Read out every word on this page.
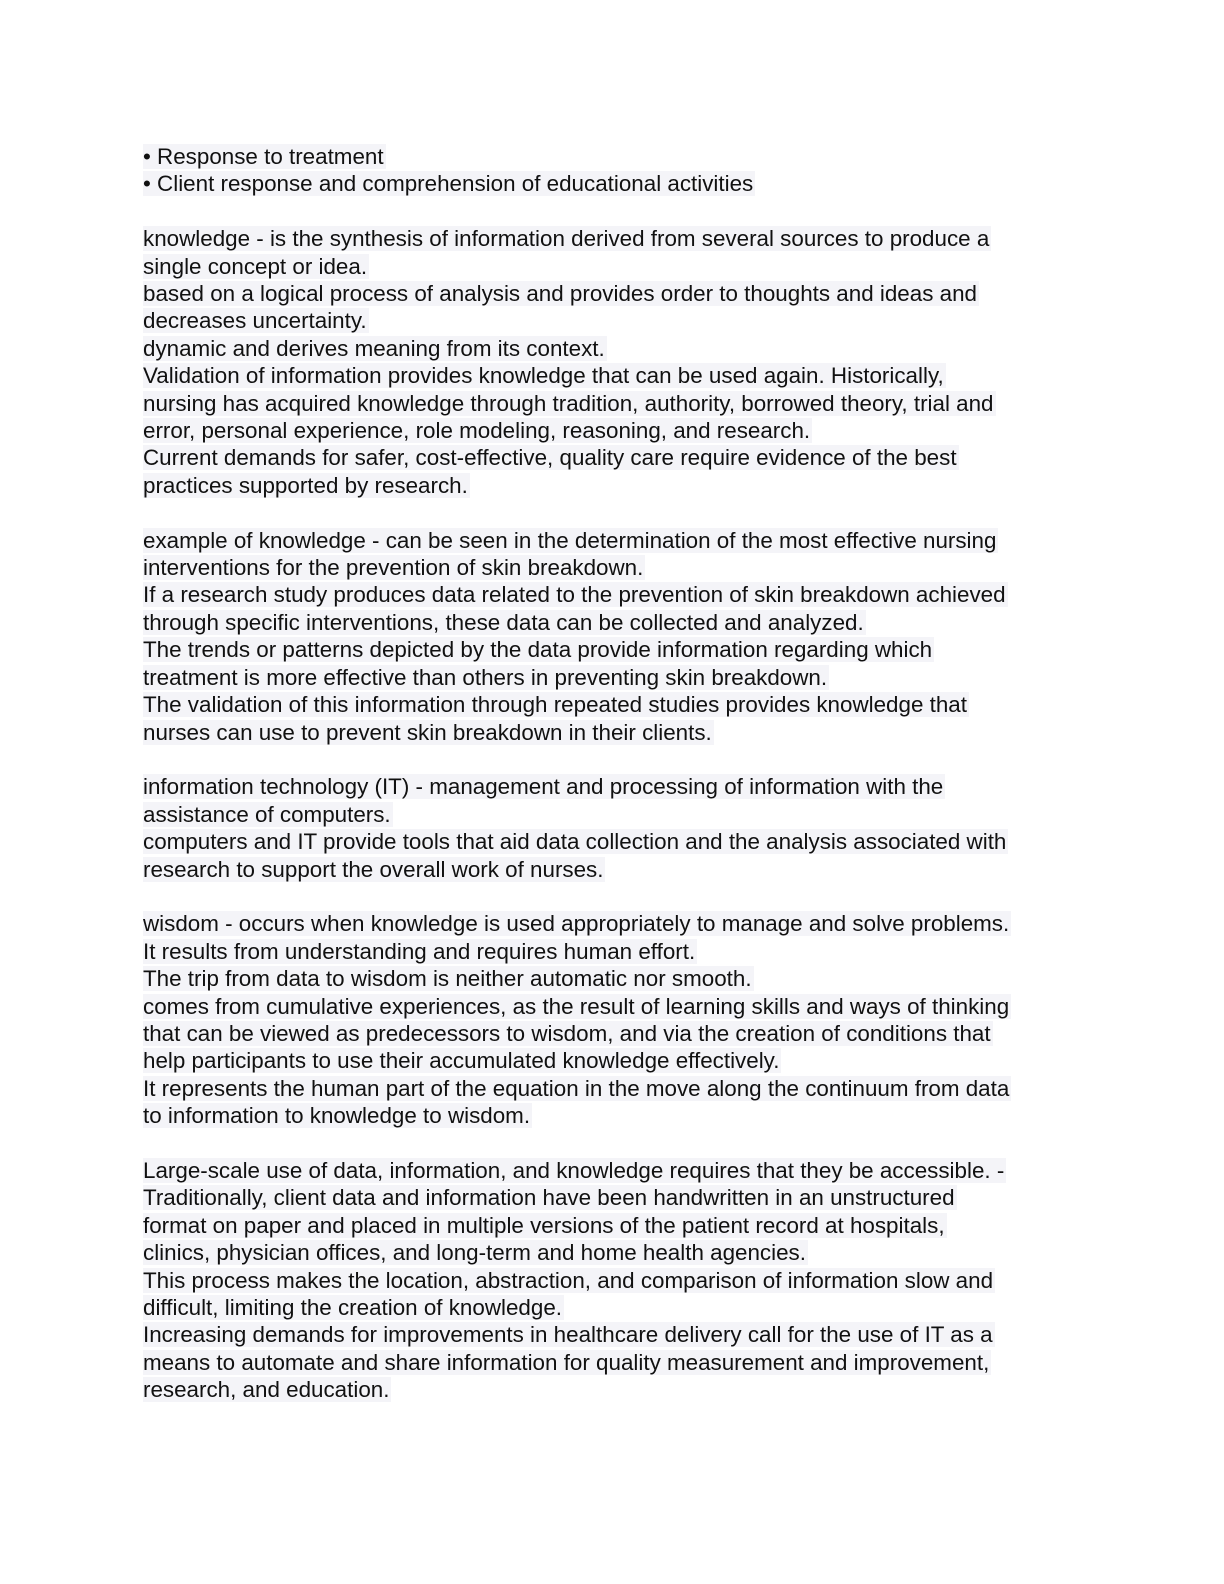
• Response to treatment
• Client response and comprehension of educational activities
knowledge - is the synthesis of information derived from several sources to produce a
single concept or idea.
based on a logical process of analysis and provides order to thoughts and ideas and
decreases uncertainty.
dynamic and derives meaning from its context.
Validation of information provides knowledge that can be used again. Historically,
nursing has acquired knowledge through tradition, authority, borrowed theory, trial and
error, personal experience, role modeling, reasoning, and research.
Current demands for safer, cost-effective, quality care require evidence of the best
practices supported by research.
example of knowledge - can be seen in the determination of the most effective nursing
interventions for the prevention of skin breakdown.
If a research study produces data related to the prevention of skin breakdown achieved
through specific interventions, these data can be collected and analyzed.
The trends or patterns depicted by the data provide information regarding which
treatment is more effective than others in preventing skin breakdown.
The validation of this information through repeated studies provides knowledge that
nurses can use to prevent skin breakdown in their clients.
information technology (IT) - management and processing of information with the
assistance of computers.
computers and IT provide tools that aid data collection and the analysis associated with
research to support the overall work of nurses.
wisdom - occurs when knowledge is used appropriately to manage and solve problems.
It results from understanding and requires human effort.
The trip from data to wisdom is neither automatic nor smooth.
comes from cumulative experiences, as the result of learning skills and ways of thinking
that can be viewed as predecessors to wisdom, and via the creation of conditions that
help participants to use their accumulated knowledge effectively.
It represents the human part of the equation in the move along the continuum from data
to information to knowledge to wisdom.
Large-scale use of data, information, and knowledge requires that they be accessible. -
Traditionally, client data and information have been handwritten in an unstructured
format on paper and placed in multiple versions of the patient record at hospitals,
clinics, physician offices, and long-term and home health agencies.
This process makes the location, abstraction, and comparison of information slow and
difficult, limiting the creation of knowledge.
Increasing demands for improvements in healthcare delivery call for the use of IT as a
means to automate and share information for quality measurement and improvement,
research, and education.
